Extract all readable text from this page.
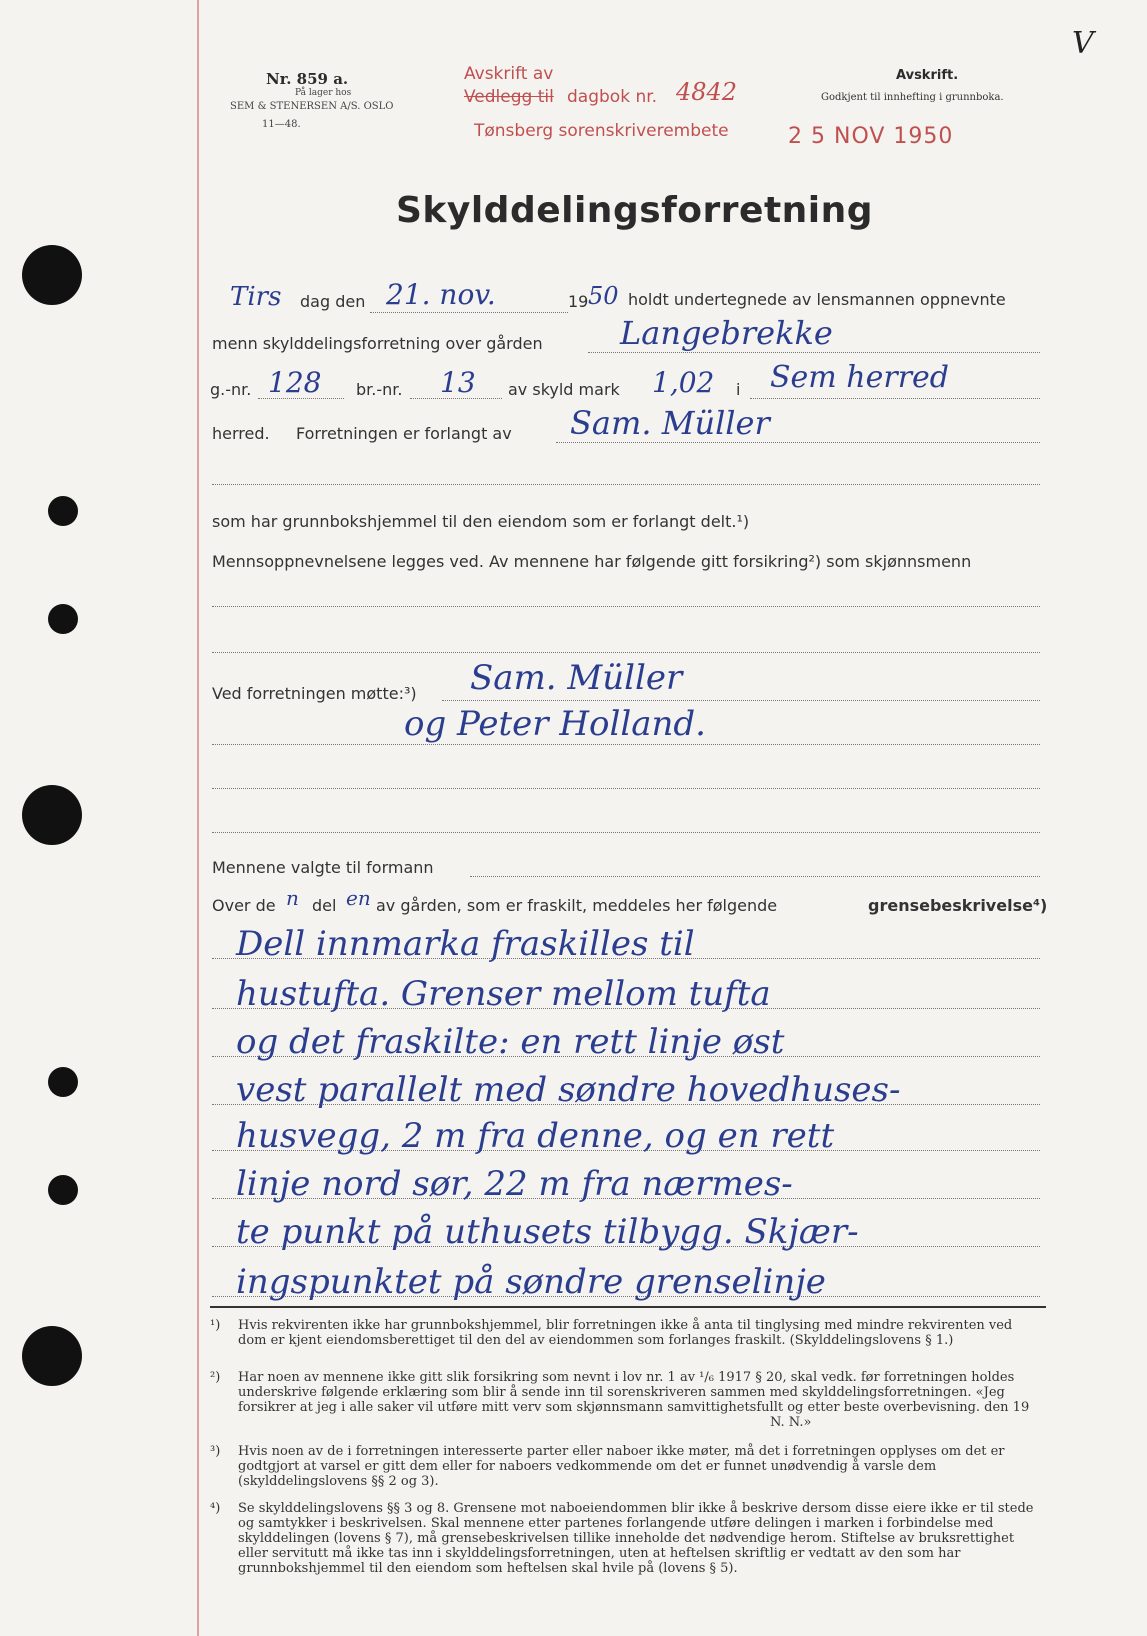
Nr. 859 a.
På lager hos
SEM & STENERSEN A/S. OSLO
11—48.
Avskrift av
Vedlegg til dagbok nr. 4842
Tønsberg sorenskriverembete	2 5 NOV 1950
Avskrift.
Godkjent til innhefting i grunnboka.
V
Skylddelingsforretning
Tirs dag den 21. nov.	19 50 holdt undertegnede av lensmannen oppnevnte
menn skylddelingsforretning over gården Langebrekke
g.-nr. 128 br.-nr. 13 av skyld mark 1,02 i Sem herred
herred. Forretningen er forlangt av Sam. Müller
som har grunnbokshjemmel til den eiendom som er forlangt delt.¹)
Mennsoppnevnelsene legges ved. Av mennene har følgende gitt forsikring²) som skjønnsmenn
Ved forretningen møtte:³) Sam. Müller
og Peter Holland.
Mennene valgte til formann
Over de n del en av gården, som er fraskilt, meddeles her følgende	grensebeskrivelse⁴)
Dell innmarka fraskilles til
hustufta. Grenser mellom tufta
og det fraskilte: en rett linje øst
vest parallelt med søndre hovedhuses-
husvegg, 2 m fra denne, og en rett
linje nord sør, 22 m fra nærmes-
te punkt på uthusets tilbygg. Skjær-
ingspunktet på søndre grenselinje
¹) Hvis rekvirenten ikke har grunnbokshjemmel, blir forretningen ikke å anta til tinglysing med mindre rekvirenten ved dom er kjent eiendomsberettiget til den del av eiendommen som forlanges fraskilt. (Skylddelingslovens § 1.)
²) Har noen av mennene ikke gitt slik forsikring som nevnt i lov nr. 1 av ¹/₆ 1917 § 20, skal vedk. før forretningen holdes underskrive følgende erklæring som blir å sende inn til sorenskriveren sammen med skylddelingsforretningen. «Jeg forsikrer at jeg i alle saker vil utføre mitt verv som skjønnsmann samvittighetsfullt og etter beste overbevisning. den 19
N. N.»
³) Hvis noen av de i forretningen interesserte parter eller naboer ikke møter, må det i forretningen opplyses om det er godtgjort at varsel er gitt dem eller for naboers vedkommende om det er funnet unødvendig å varsle dem (skylddelingslovens §§ 2 og 3).
⁴) Se skylddelingslovens §§ 3 og 8. Grensene mot naboeiendommen blir ikke å beskrive dersom disse eiere ikke er til stede og samtykker i beskrivelsen. Skal mennene etter partenes forlangende utføre delingen i marken i forbindelse med skylddelingen (lovens § 7), må grensebeskrivelsen tillike inneholde det nødvendige herom. Stiftelse av bruksrettighet eller servitutt må ikke tas inn i skylddelingsforretningen, uten at heftelsen skriftlig er vedtatt av den som har grunnbokshjemmel til den eiendom som heftelsen skal hvile på (lovens § 5).
